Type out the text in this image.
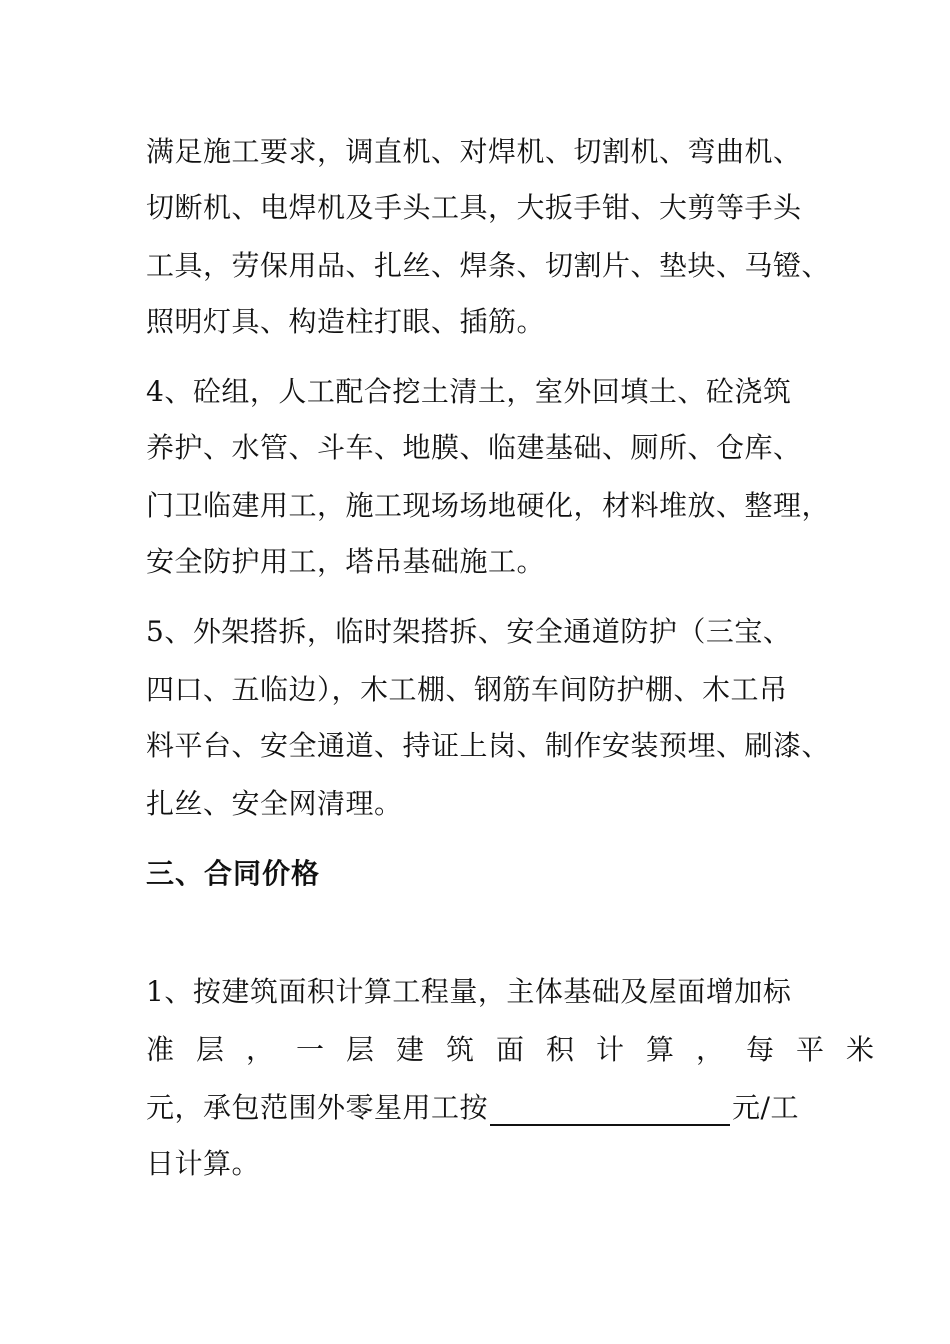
满足施工要求，调直机、对焊机、切割机、弯曲机、
切断机、电焊机及手头工具，大扳手钳、大剪等手头
工具，劳保用品、扎丝、焊条、切割片、垫块、马镫、
照明灯具、构造柱打眼、插筋。
4、砼组，人工配合挖土清土，室外回填土、砼浇筑
养护、水管、斗车、地膜、临建基础、厕所、仓库、
门卫临建用工，施工现场场地硬化，材料堆放、整理，
安全防护用工，塔吊基础施工。
5、外架搭拆，临时架搭拆、安全通道防护（三宝、
四口、五临边），木工棚、钢筋车间防护棚、木工吊
料平台、安全通道、持证上岗、制作安装预埋、刷漆、
扎丝、安全网清理。
三、合同价格
1、按建筑面积计算工程量，主体基础及屋面增加标
准层，一层建筑面积计算，每平米
元，承包范围外零星用工按	元/工
日计算。
